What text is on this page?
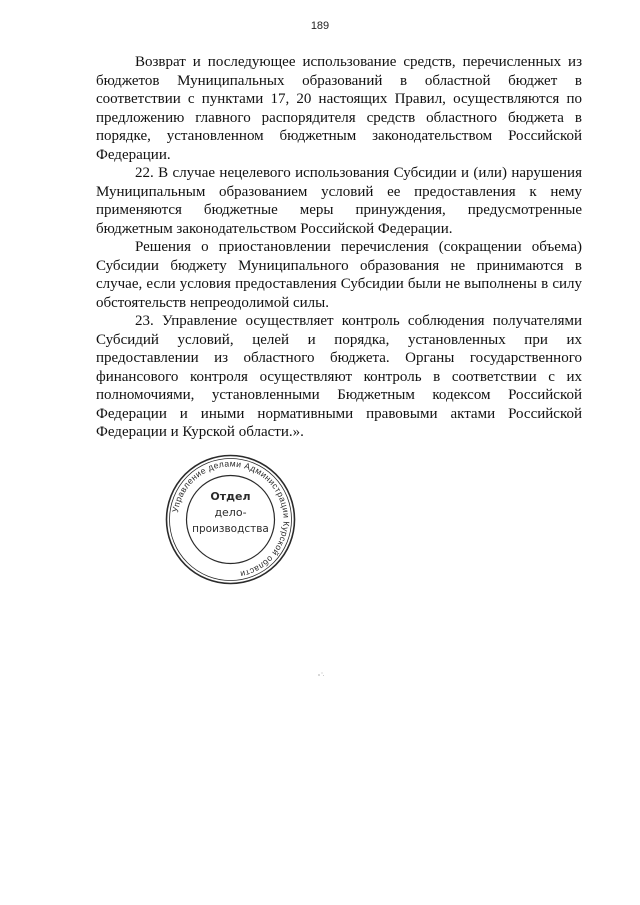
189

Возврат и последующее использование средств, перечисленных из бюджетов Муниципальных образований в областной бюджет в соответствии с пунктами 17, 20 настоящих Правил, осуществляются по предложению главного распорядителя средств областного бюджета в порядке, установленном бюджетным законодательством Российской Федерации.

22. В случае нецелевого использования Субсидии и (или) нарушения Муниципальным образованием условий ее предоставления к нему применяются бюджетные меры принуждения, предусмотренные бюджетным законодательством Российской Федерации.

Решения о приостановлении перечисления (сокращении объема) Субсидии бюджету Муниципального образования не принимаются в случае, если условия предоставления Субсидии были не выполнены в силу обстоятельств непреодолимой силы.

23. Управление осуществляет контроль соблюдения получателями Субсидий условий, целей и порядка, установленных при их предоставлении из областного бюджета. Органы государственного финансового контроля осуществляют контроль в соответствии с их полномочиями, установленными Бюджетным кодексом Российской Федерации и иными нормативными правовыми актами Российской Федерации и Курской области.».

Управление делами Администрации Курской области
Отдел
дело-
производства
